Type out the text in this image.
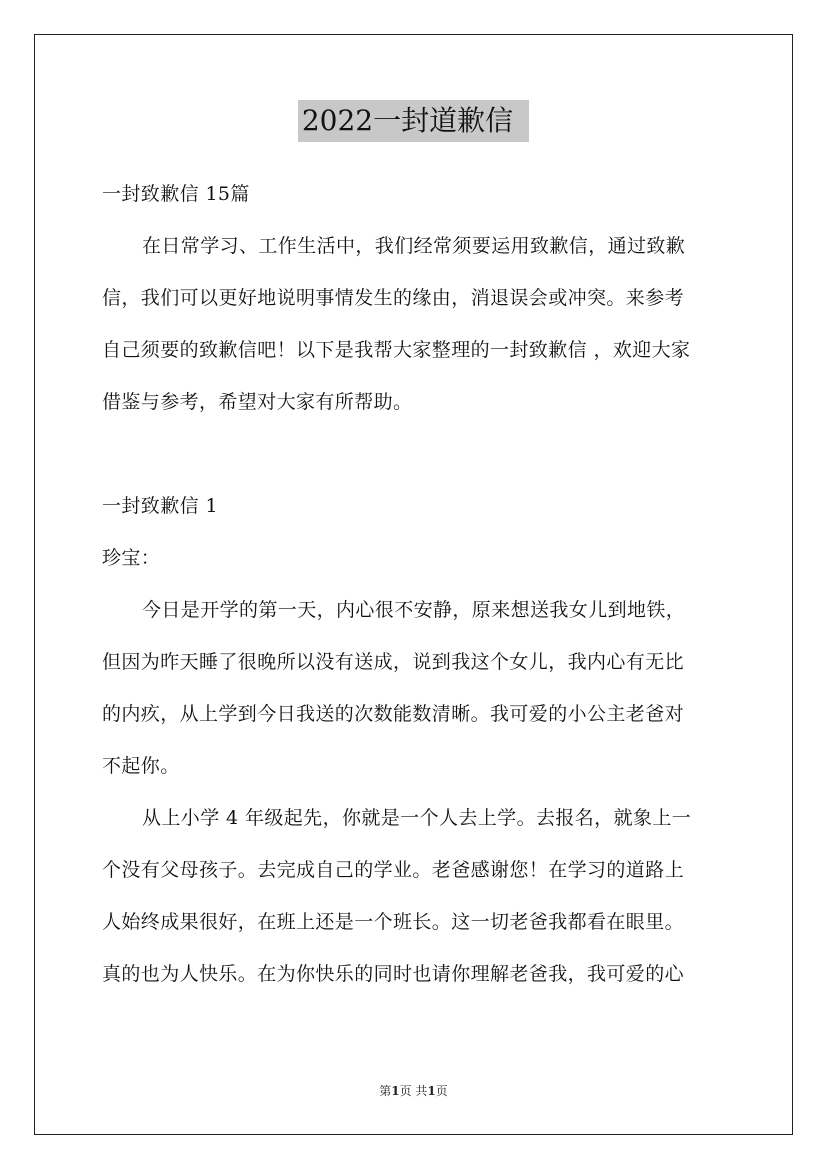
2022一封道歉信
一封致歉信 15篇
在日常学习、工作生活中，我们经常须要运用致歉信，通过致歉
信，我们可以更好地说明事情发生的缘由，消退误会或冲突。来参考
自己须要的致歉信吧！以下是我帮大家整理的一封致歉信 ，欢迎大家
借鉴与参考，希望对大家有所帮助。
一封致歉信 1
珍宝：
今日是开学的第一天，内心很不安静，原来想送我女儿到地铁，
但因为昨天睡了很晚所以没有送成，说到我这个女儿，我内心有无比
的内疚，从上学到今日我送的次数能数清晰。我可爱的小公主老爸对
不起你。
从上小学 4 年级起先，你就是一个人去上学。去报名，就象上一
个没有父母孩子。去完成自己的学业。老爸感谢您！在学习的道路上
人始终成果很好，在班上还是一个班长。这一切老爸我都看在眼里。
真的也为人快乐。在为你快乐的同时也请你理解老爸我，我可爱的心
第1页 共1页
